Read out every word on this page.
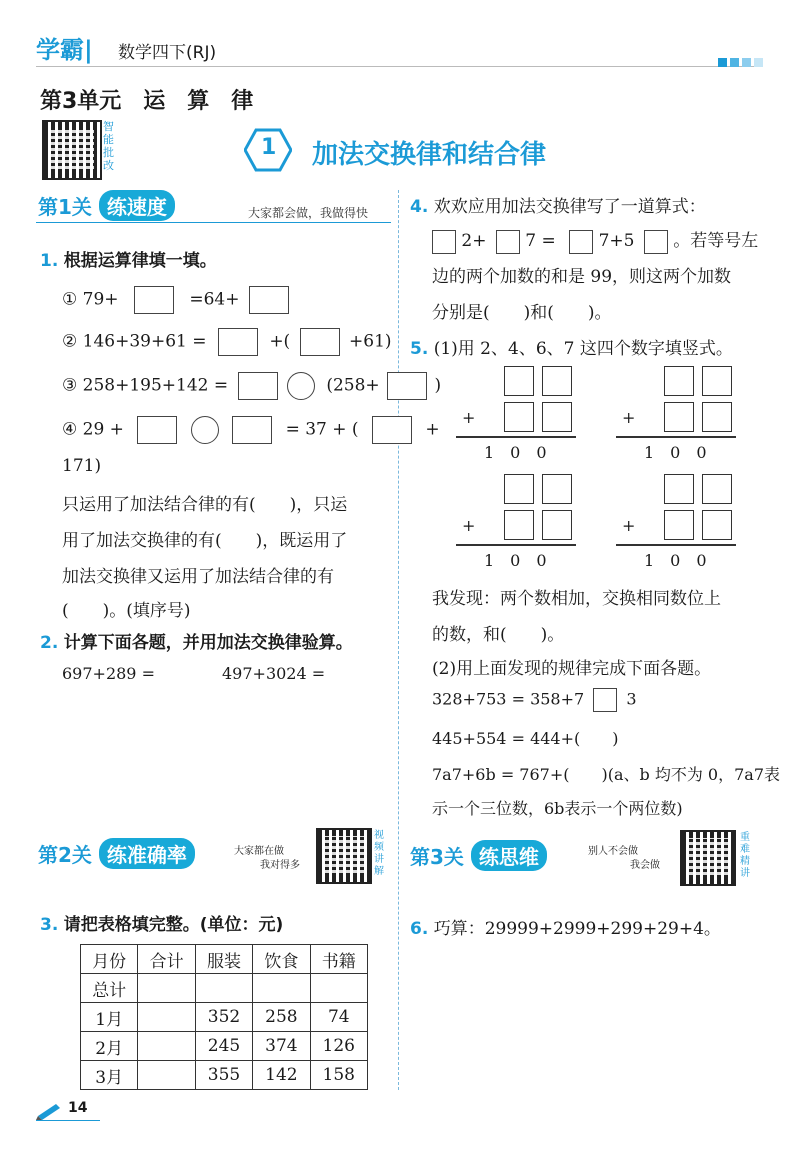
学霸| 数学四下(RJ)
第3单元　运　算　律
智能批改
1 加法交换律和结合律
第1关 练速度	大家都会做，我做得快
1. 根据运算律填一填。
① 79+	=64+
② 146+39+61 =	+(	+61)
③ 258+195+142 =	(258+	)
④ 29 +	= 37 + (	+
171)
只运用了加法结合律的有(　　)，只运
用了加法交换律的有(　　)，既运用了
加法交换律又运用了加法结合律的有
(　　)。(填序号)
2. 计算下面各题，并用加法交换律验算。
697+289 =	497+3024 =
第2关 练准确率	大家都在做
我对得多
视频讲解
3. 请把表格填完整。(单位：元)
月份	合计	服装	饮食	书籍
总计				
1月		352	258	74
2月		245	374	126
3月		355	142	158
4. 欢欢应用加法交换律写了一道算式：
2+ 7 =	7+5 。若等号左
边的两个加数的和是 99，则这两个加数
分别是(　　)和(　　)。
5. (1)用 2、4、6、7 这四个数字填竖式。
+
1　0　0
+
1　0　0
+
1　0　0
+
1　0　0
我发现：两个数相加，交换相同数位上
的数，和(　　)。
(2)用上面发现的规律完成下面各题。
328+753 = 358+7	3
445+554 = 444+(　　)
7a7+6b = 767+(　　)(a、b 均不为 0，7a7表
示一个三位数，6b表示一个两位数)
第3关 练思维	别人不会做
我会做
重难精讲
6. 巧算：29999+2999+299+29+4。
14
